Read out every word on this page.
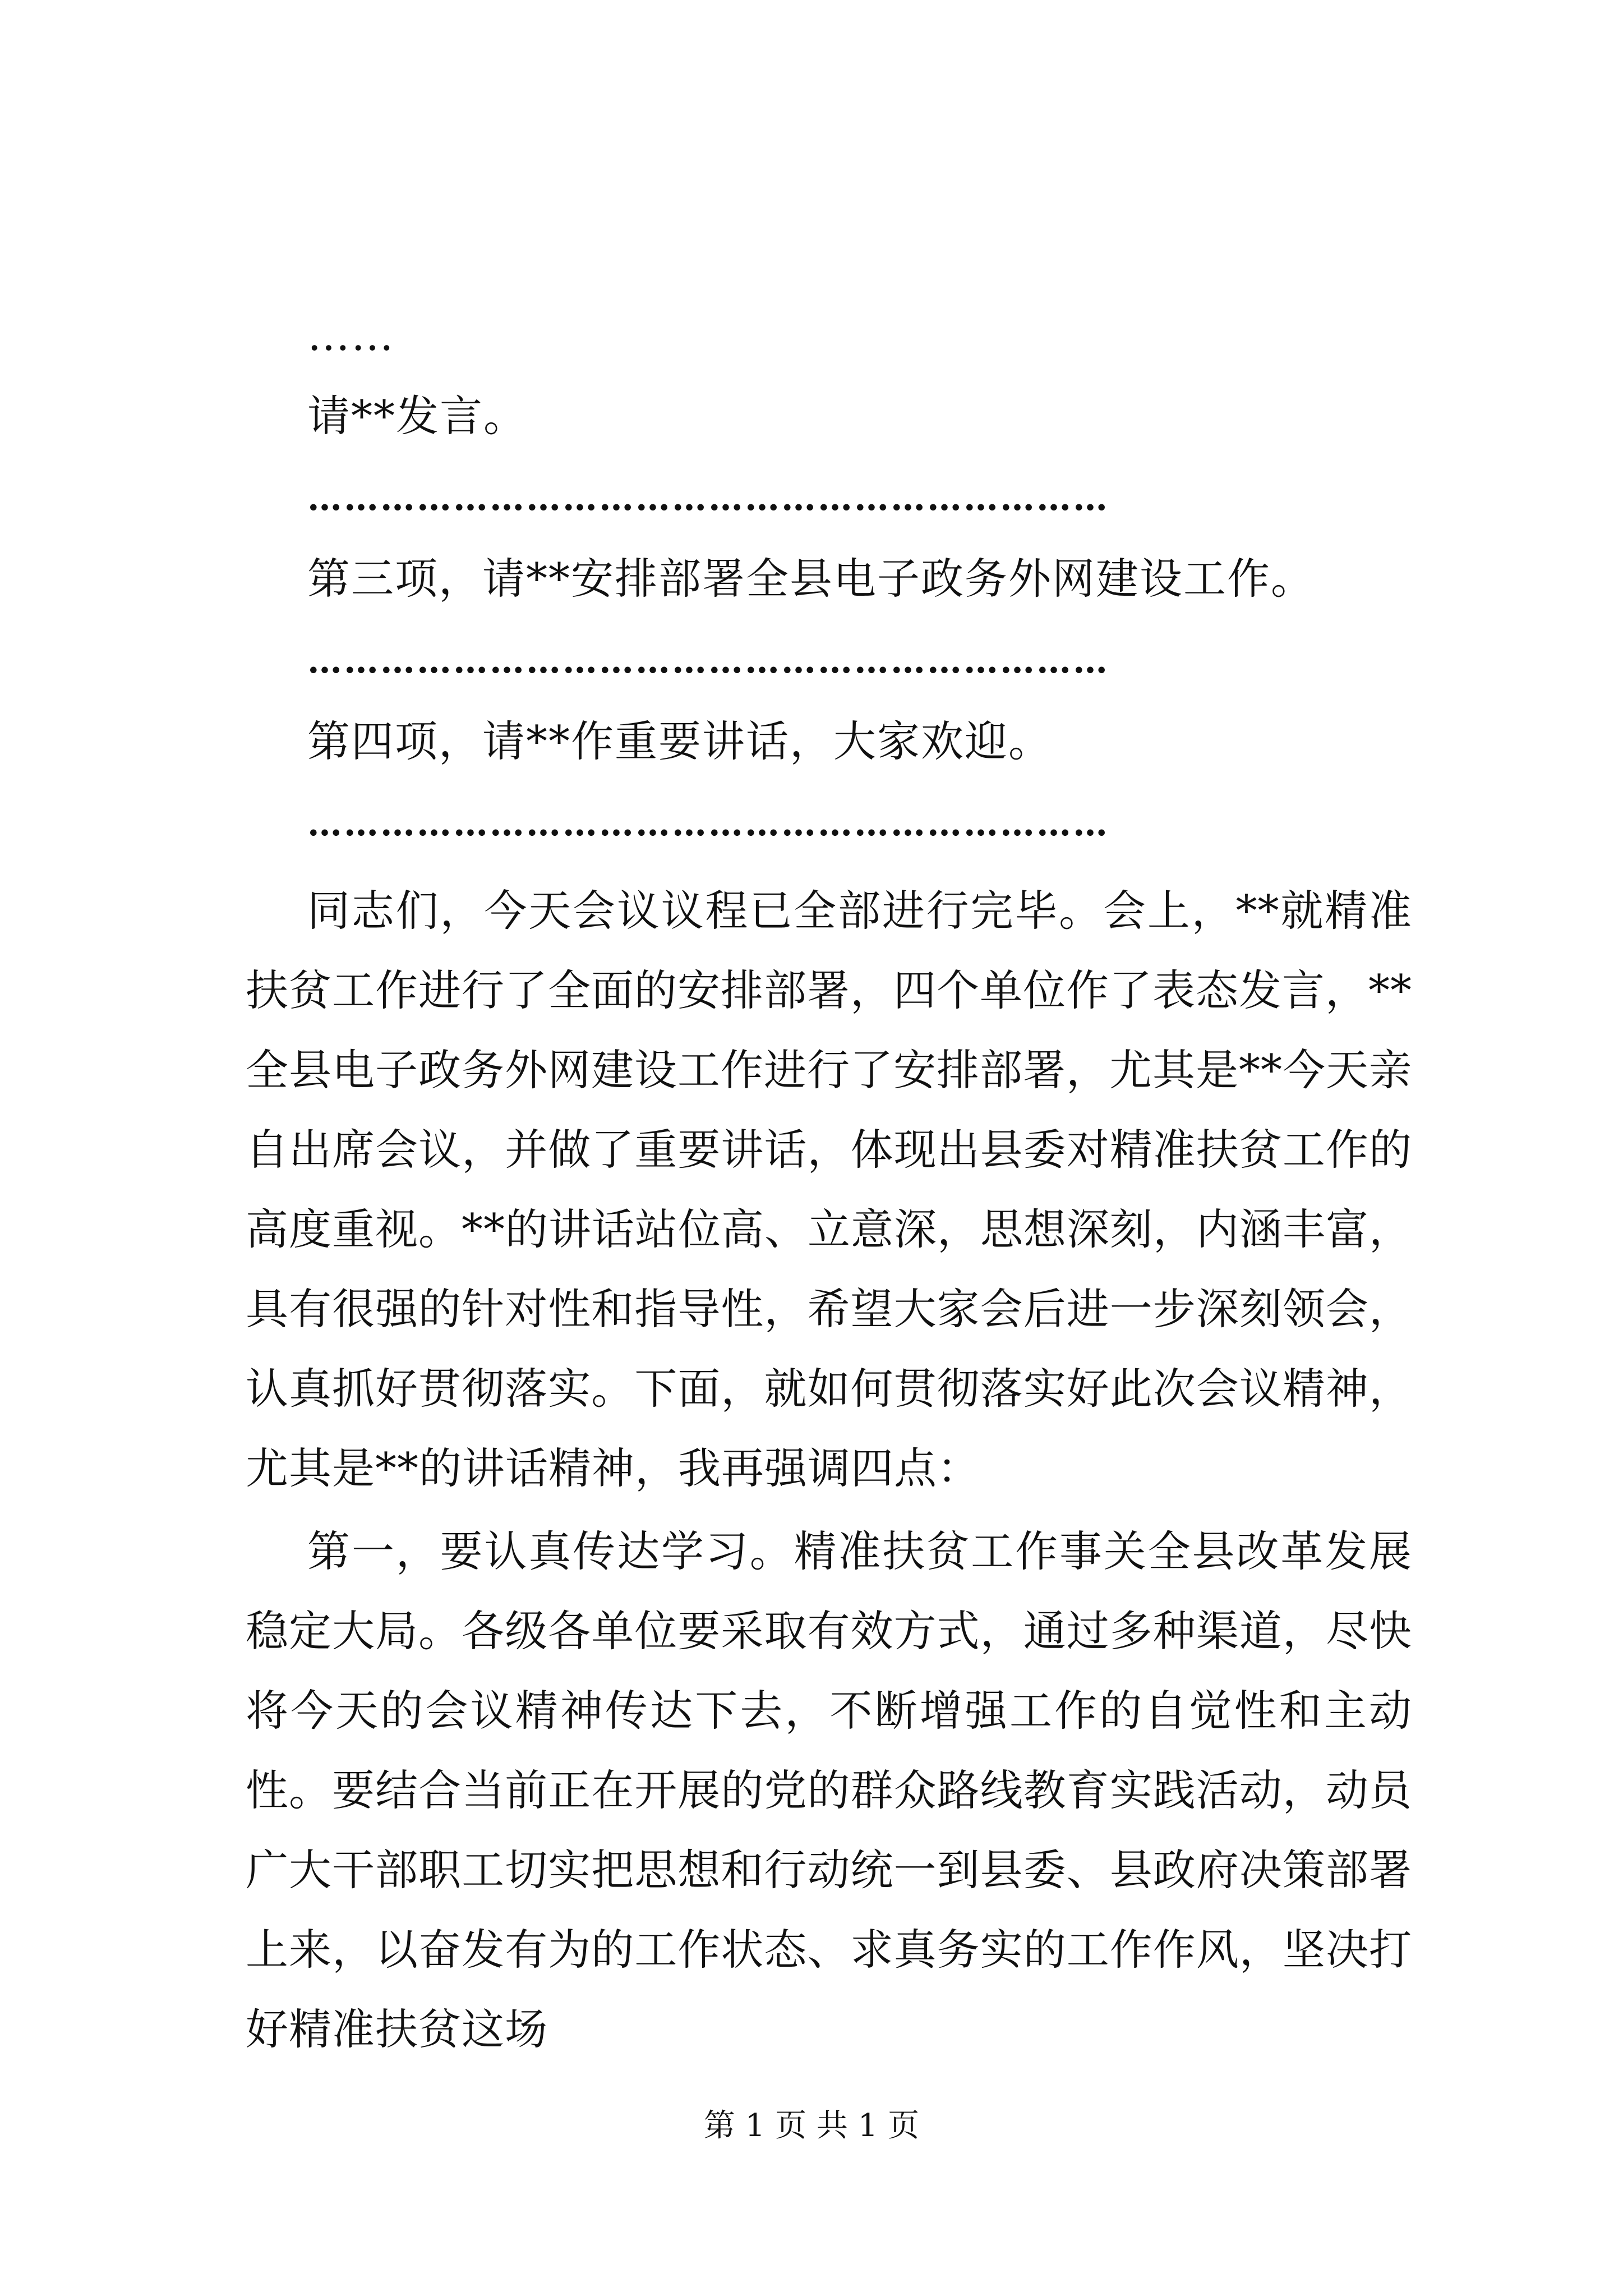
……
请**发言。
…………………………………………………………
第三项，请**安排部署全县电子政务外网建设工作。
…………………………………………………………
第四项，请**作重要讲话，大家欢迎。
…………………………………………………………
同志们，今天会议议程已全部进行完毕。会上，**就精准扶贫工作进行了全面的安排部署，四个单位作了表态发言，**全县电子政务外网建设工作进行了安排部署，尤其是**今天亲自出席会议，并做了重要讲话，体现出县委对精准扶贫工作的高度重视。**的讲话站位高、立意深，思想深刻，内涵丰富，具有很强的针对性和指导性，希望大家会后进一步深刻领会，认真抓好贯彻落实。下面，就如何贯彻落实好此次会议精神，尤其是**的讲话精神，我再强调四点：
第一，要认真传达学习。精准扶贫工作事关全县改革发展稳定大局。各级各单位要采取有效方式，通过多种渠道，尽快将今天的会议精神传达下去，不断增强工作的自觉性和主动性。要结合当前正在开展的党的群众路线教育实践活动，动员广大干部职工切实把思想和行动统一到县委、县政府决策部署上来，以奋发有为的工作状态、求真务实的工作作风，坚决打好精准扶贫这场
第 1 页 共 1 页
